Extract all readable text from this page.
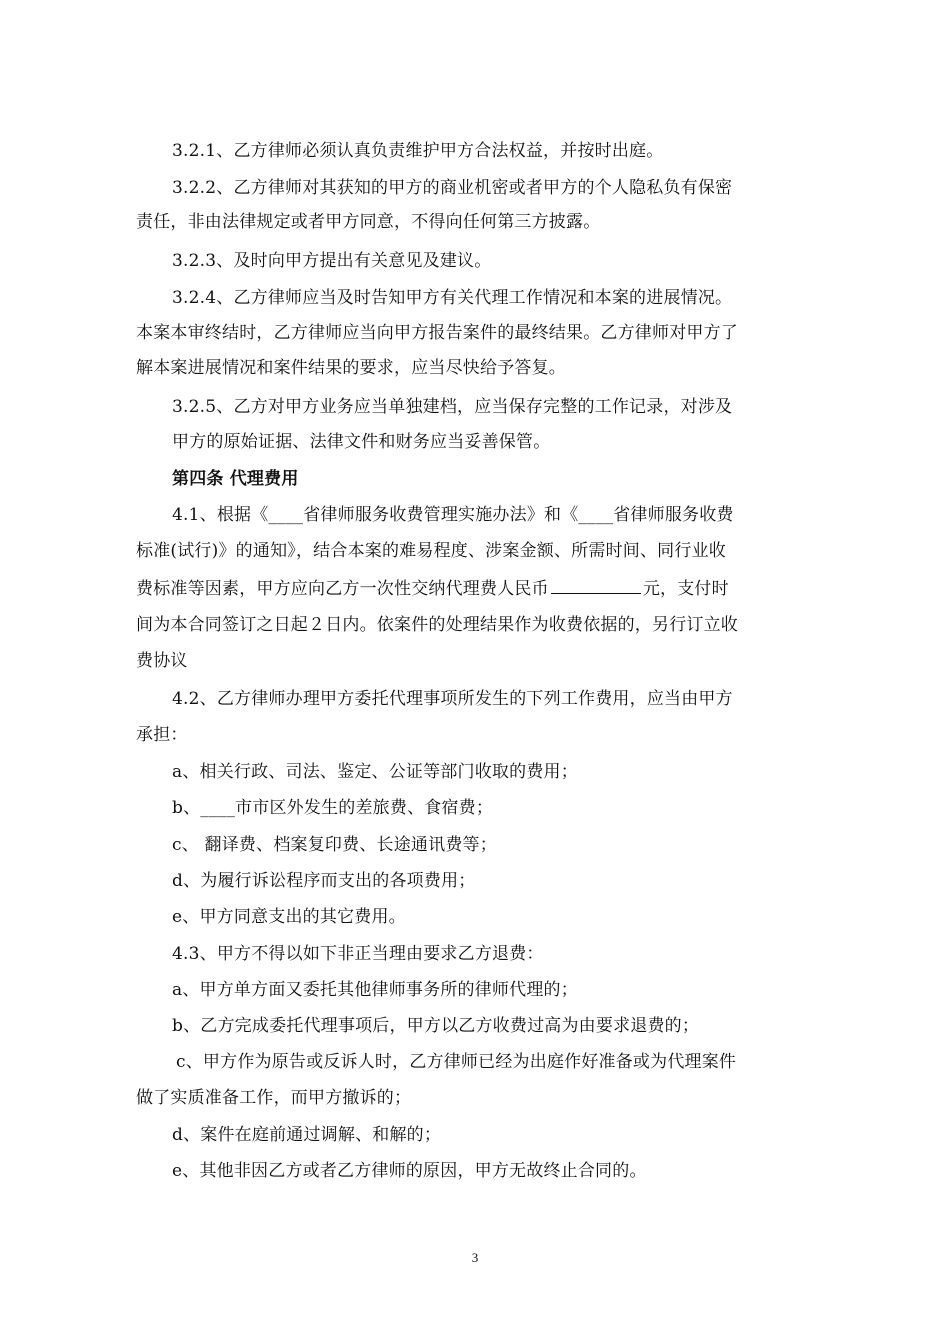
3.2.1、乙方律师必须认真负责维护甲方合法权益，并按时出庭。
3.2.2、乙方律师对其获知的甲方的商业机密或者甲方的个人隐私负有保密
责任，非由法律规定或者甲方同意，不得向任何第三方披露。
3.2.3、及时向甲方提出有关意见及建议。
3.2.4、乙方律师应当及时告知甲方有关代理工作情况和本案的进展情况。
本案本审终结时，乙方律师应当向甲方报告案件的最终结果。乙方律师对甲方了
解本案进展情况和案件结果的要求，应当尽快给予答复。
3.2.5、乙方对甲方业务应当单独建档，应当保存完整的工作记录，对涉及
甲方的原始证据、法律文件和财务应当妥善保管。
第四条 代理费用
4.1、根据《____省律师服务收费管理实施办法》和《____省律师服务收费
标准(试行)》的通知》，结合本案的难易程度、涉案金额、所需时间、同行业收
费标准等因素，甲方应向乙方一次性交纳代理费人民币	元，支付时
间为本合同签订之日起２日内。依案件的处理结果作为收费依据的，另行订立收
费协议
4.2、乙方律师办理甲方委托代理事项所发生的下列工作费用，应当由甲方
承担：
a、相关行政、司法、鉴定、公证等部门收取的费用；
b、____市市区外发生的差旅费、食宿费；
c、 翻译费、档案复印费、长途通讯费等；
d、为履行诉讼程序而支出的各项费用；
e、甲方同意支出的其它费用。
4.3、甲方不得以如下非正当理由要求乙方退费：
a、甲方单方面又委托其他律师事务所的律师代理的；
b、乙方完成委托代理事项后，甲方以乙方收费过高为由要求退费的；
c、甲方作为原告或反诉人时，乙方律师已经为出庭作好准备或为代理案件
做了实质准备工作，而甲方撤诉的；
d、案件在庭前通过调解、和解的；
e、其他非因乙方或者乙方律师的原因，甲方无故终止合同的。
3
